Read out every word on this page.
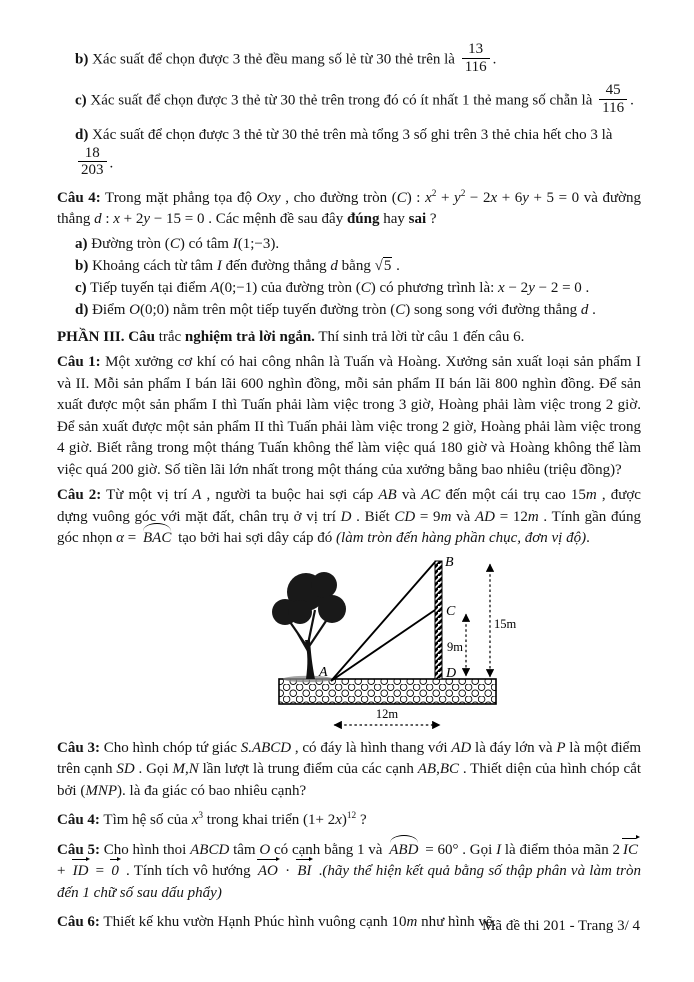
b) Xác suất để chọn được 3 thẻ đều mang số lẻ từ 30 thẻ trên là $\frac{13}{116}$ .

c) Xác suất để chọn được 3 thẻ từ 30 thẻ trên trong đó có ít nhất 1 thẻ mang số chẵn là $\frac{45}{116}$ .

d) Xác suất để chọn được 3 thẻ từ 30 thẻ trên mà tổng 3 số ghi trên 3 thẻ chia hết cho 3 là
$\frac{18}{203}$ .

Câu 4: Trong mặt phẳng tọa độ Oxy , cho đường tròn (C) : $x^2 + y^2 - 2x + 6y + 5 = 0$ và đường thẳng d : x + 2y − 15 = 0 . Các mệnh đề sau đây đúng hay sai ?

a) Đường tròn (C) có tâm I(1;−3).

b) Khoảng cách từ tâm I đến đường thẳng d bằng √5 .

c) Tiếp tuyến tại điểm A(0;−1) của đường tròn (C) có phương trình là: x − 2y − 2 = 0 .

d) Điểm O(0;0) nằm trên một tiếp tuyến đường tròn (C) song song với đường thẳng d .

PHẦN III. Câu trắc nghiệm trả lời ngắn. Thí sinh trả lời từ câu 1 đến câu 6.

Câu 1: Một xưởng cơ khí có hai công nhân là Tuấn và Hoàng. Xưởng sản xuất loại sản phẩm I và II. Mỗi sản phẩm I bán lãi 600 nghìn đồng, mỗi sản phẩm II bán lãi 800 nghìn đồng. Để sản xuất được một sản phẩm I thì Tuấn phải làm việc trong 3 giờ, Hoàng phải làm việc trong 2 giờ. Để sản xuất được một sản phẩm II thì Tuấn phải làm việc trong 2 giờ, Hoàng phải làm việc trong 4 giờ. Biết rằng trong một tháng Tuấn không thể làm việc quá 180 giờ và Hoàng không thể làm việc quá 200 giờ. Số tiền lãi lớn nhất trong một tháng của xưởng bằng bao nhiêu (triệu đồng)?

Câu 2: Từ một vị trí A , người ta buộc hai sợi cáp AB và AC đến một cái trụ cao 15m , được dựng vuông góc với mặt đất, chân trụ ở vị trí D . Biết CD = 9m và AD = 12m . Tính gần đúng góc nhọn α = BAC tạo bởi hai sợi dây cáp đó (làm tròn đến hàng phần chục, đơn vị độ).

B
C
D
A
9m
15m
12m

Câu 3: Cho hình chóp tứ giác S.ABCD , có đáy là hình thang với AD là đáy lớn và P là một điểm trên cạnh SD . Gọi M,N lần lượt là trung điểm của các cạnh AB,BC . Thiết diện của hình chóp cắt bởi (MNP). là đa giác có bao nhiêu cạnh?

Câu 4: Tìm hệ số của $x^3$ trong khai triển $(1+ 2x)^{12}$ ?

Câu 5: Cho hình thoi ABCD tâm O có cạnh bằng 1 và ABD = 60° . Gọi I là điểm thỏa mãn 2 IC + ID = 0 . Tính tích vô hướng AO · BI .(hãy thể hiện kết quả bằng số thập phân và làm tròn đến 1 chữ số sau dấu phẩy)

Câu 6: Thiết kế khu vườn Hạnh Phúc hình vuông cạnh 10m như hình vẽ.

Mã đề thi 201 - Trang 3/ 4
